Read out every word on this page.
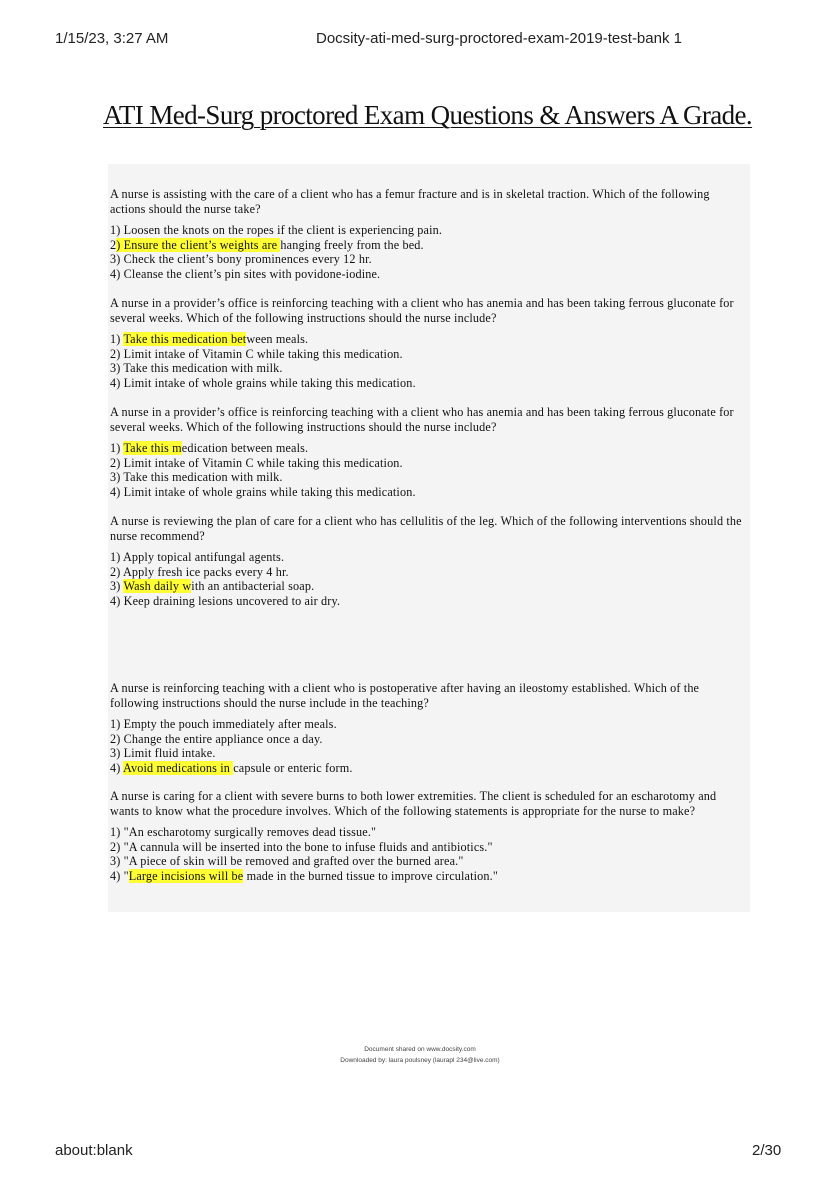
1/15/23, 3:27 AM	Docsity-ati-med-surg-proctored-exam-2019-test-bank 1
ATI Med-Surg proctored Exam Questions & Answers A Grade.

A nurse is assisting with the care of a client who has a femur fracture and is in skeletal traction. Which of the following actions should the nurse take?

1) Loosen the knots on the ropes if the client is experiencing pain.
2) Ensure the client’s weights are hanging freely from the bed.
3) Check the client’s bony prominences every 12 hr.
4) Cleanse the client’s pin sites with povidone-iodine.

A nurse in a provider’s office is reinforcing teaching with a client who has anemia and has been taking ferrous gluconate for several weeks. Which of the following instructions should the nurse include?

1) Take this medication between meals.
2) Limit intake of Vitamin C while taking this medication.
3) Take this medication with milk.
4) Limit intake of whole grains while taking this medication.

A nurse in a provider’s office is reinforcing teaching with a client who has anemia and has been taking ferrous gluconate for several weeks. Which of the following instructions should the nurse include?

1) Take this medication between meals.
2) Limit intake of Vitamin C while taking this medication.
3) Take this medication with milk.
4) Limit intake of whole grains while taking this medication.

A nurse is reviewing the plan of care for a client who has cellulitis of the leg. Which of the following interventions should the nurse recommend?

1) Apply topical antifungal agents.
2) Apply fresh ice packs every 4 hr.
3) Wash daily with an antibacterial soap.
4) Keep draining lesions uncovered to air dry.

A nurse is reinforcing teaching with a client who is postoperative after having an ileostomy established. Which of the following instructions should the nurse include in the teaching?

1) Empty the pouch immediately after meals.
2) Change the entire appliance once a day.
3) Limit fluid intake.
4) Avoid medications in capsule or enteric form.

A nurse is caring for a client with severe burns to both lower extremities. The client is scheduled for an escharotomy and wants to know what the procedure involves. Which of the following statements is appropriate for the nurse to make?

1) "An escharotomy surgically removes dead tissue."
2) "A cannula will be inserted into the bone to infuse fluids and antibiotics."
3) "A piece of skin will be removed and grafted over the burned area."
4) "Large incisions will be made in the burned tissue to improve circulation."
Document shared on www.docsity.com
Downloaded by: laura poulsney (laurapl 234@live.com)
about:blank	2/30
